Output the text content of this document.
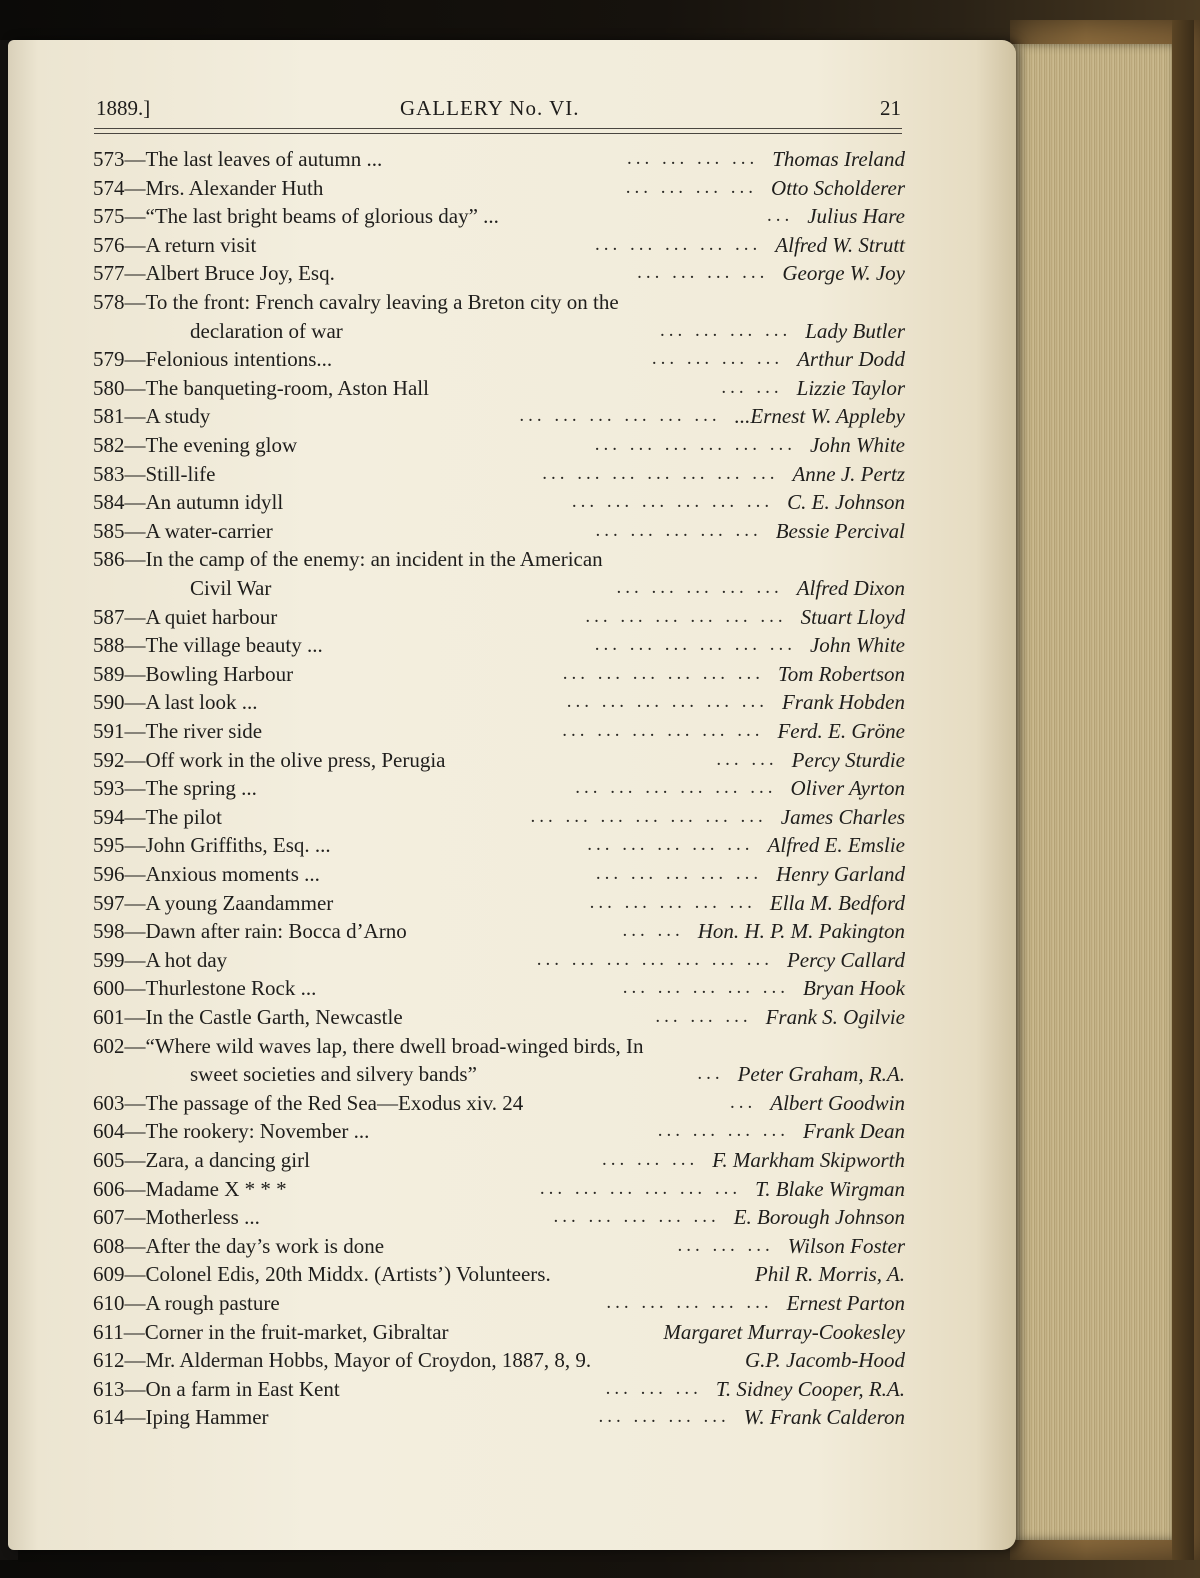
1889.]	GALLERY No. VI.	21
573—The last leaves of autumn ...	Thomas Ireland
... ... ... ...
574—Mrs. Alexander Huth	Otto Scholderer
... ... ... ...
575—“The last bright beams of glorious day” ...	Julius Hare
...
576—A return visit	Alfred W. Strutt
... ... ... ... ...
577—Albert Bruce Joy, Esq.	George W. Joy
... ... ... ...
578—To the front: French cavalry leaving a Breton city on the
declaration of war	Lady Butler
... ... ... ...
579—Felonious intentions...	Arthur Dodd
... ... ... ...
580—The banqueting-room, Aston Hall	Lizzie Taylor
... ...
581—A study	...Ernest W. Appleby
... ... ... ... ... ...
582—The evening glow	John White
... ... ... ... ... ...
583—Still-life	Anne J. Pertz
... ... ... ... ... ... ...
584—An autumn idyll	C. E. Johnson
... ... ... ... ... ...
585—A water-carrier	Bessie Percival
... ... ... ... ...
586—In the camp of the enemy: an incident in the American
Civil War	Alfred Dixon
... ... ... ... ...
587—A quiet harbour	Stuart Lloyd
... ... ... ... ... ...
588—The village beauty ...	John White
... ... ... ... ... ...
589—Bowling Harbour	Tom Robertson
... ... ... ... ... ...
590—A last look ...	Frank Hobden
... ... ... ... ... ...
591—The river side	Ferd. E. Gröne
... ... ... ... ... ...
592—Off work in the olive press, Perugia	Percy Sturdie
... ...
593—The spring ...	Oliver Ayrton
... ... ... ... ... ...
594—The pilot	James Charles
... ... ... ... ... ... ...
595—John Griffiths, Esq. ...	Alfred E. Emslie
... ... ... ... ...
596—Anxious moments ...	Henry Garland
... ... ... ... ...
597—A young Zaandammer	Ella M. Bedford
... ... ... ... ...
598—Dawn after rain: Bocca d’Arno	Hon. H. P. M. Pakington
... ...
599—A hot day	Percy Callard
... ... ... ... ... ... ...
600—Thurlestone Rock ...	Bryan Hook
... ... ... ... ...
601—In the Castle Garth, Newcastle	Frank S. Ogilvie
... ... ...
602—“Where wild waves lap, there dwell broad-winged birds, In
sweet societies and silvery bands”	Peter Graham, R.A.
...
603—The passage of the Red Sea—Exodus xiv. 24	Albert Goodwin
...
604—The rookery: November ...	Frank Dean
... ... ... ...
605—Zara, a dancing girl	F. Markham Skipworth
... ... ...
606—Madame X * * *	T. Blake Wirgman
... ... ... ... ... ...
607—Motherless ...	E. Borough Johnson
... ... ... ... ...
608—After the day’s work is done	Wilson Foster
... ... ...
609—Colonel Edis, 20th Middx. (Artists’) Volunteers.	Phil R. Morris, A.
610—A rough pasture	Ernest Parton
... ... ... ... ...
611—Corner in the fruit-market, Gibraltar	Margaret Murray-Cookesley
612—Mr. Alderman Hobbs, Mayor of Croydon, 1887, 8, 9.	G.P. Jacomb-Hood
613—On a farm in East Kent	T. Sidney Cooper, R.A.
... ... ...
614—Iping Hammer	W. Frank Calderon
... ... ... ...
